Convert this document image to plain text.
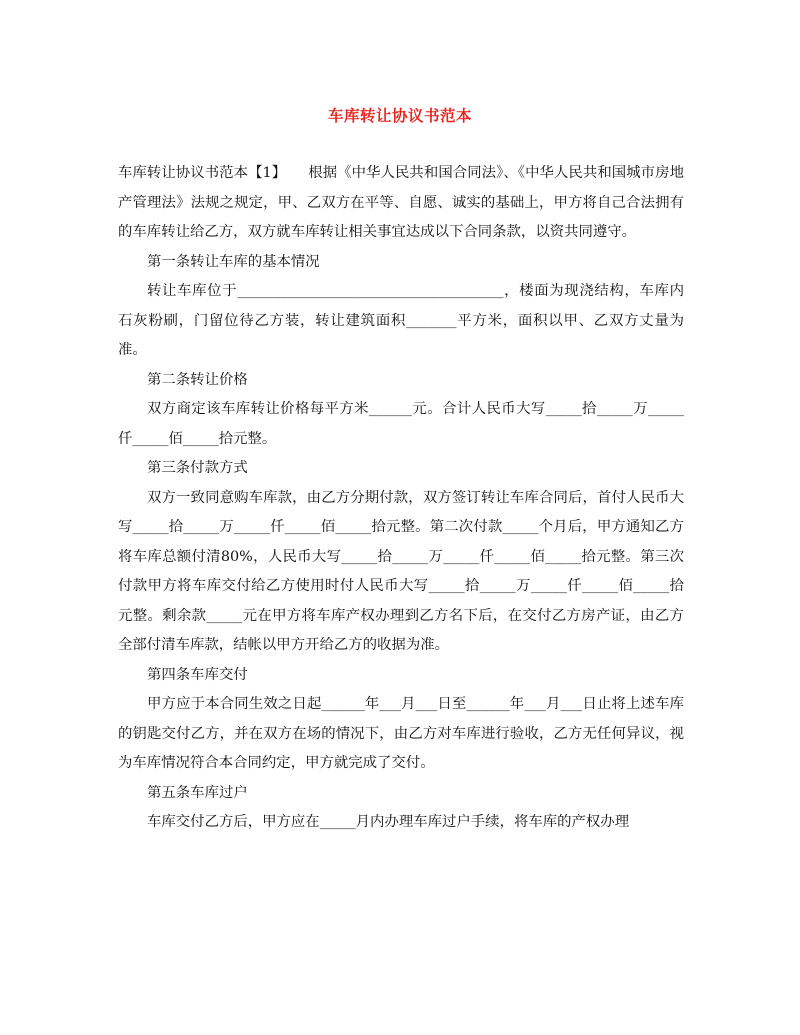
车库转让协议书范本

车库转让协议书范本【1】 根据《中华人民共和国合同法》、《中华人民共和国城市房地产管理法》法规之规定，甲、乙双方在平等、自愿、诚实的基础上，甲方将自己合法拥有的车库转让给乙方，双方就车库转让相关事宜达成以下合同条款，以资共同遵守。

第一条转让车库的基本情况

转让车库位于_____________________________________，楼面为现浇结构，车库内石灰粉刷，门留位待乙方装，转让建筑面积_______平方米，面积以甲、乙双方丈量为准。

第二条转让价格

双方商定该车库转让价格每平方米______元。合计人民币大写_____拾_____万_____仟_____佰_____拾元整。

第三条付款方式

双方一致同意购车库款，由乙方分期付款，双方签订转让车库合同后，首付人民币大写_____拾_____万_____仟_____佰_____拾元整。第二次付款_____个月后，甲方通知乙方将车库总额付清80%，人民币大写_____拾_____万_____仟_____佰_____拾元整。第三次付款甲方将车库交付给乙方使用时付人民币大写_____拾_____万_____仟_____佰_____拾元整。剩余款_____元在甲方将车库产权办理到乙方名下后，在交付乙方房产证，由乙方全部付清车库款，结帐以甲方开给乙方的收据为准。

第四条车库交付

甲方应于本合同生效之日起______年___月___日至______年___月___日止将上述车库的钥匙交付乙方，并在双方在场的情况下，由乙方对车库进行验收，乙方无任何异议，视为车库情况符合本合同约定，甲方就完成了交付。

第五条车库过户

车库交付乙方后，甲方应在_____月内办理车库过户手续，将车库的产权办理
